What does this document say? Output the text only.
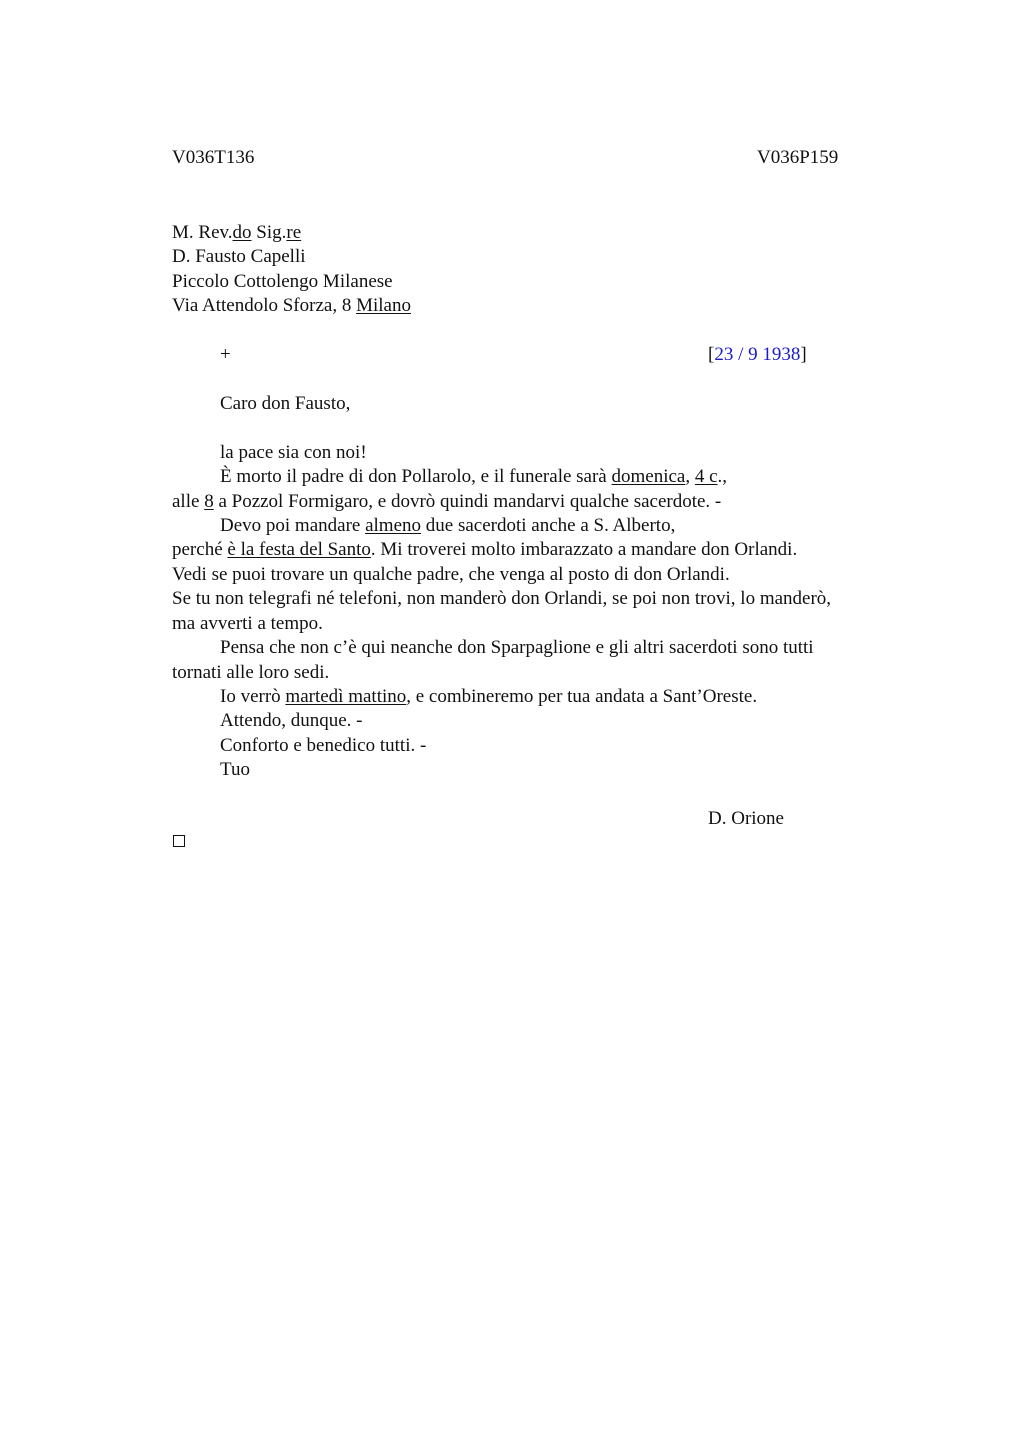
V036T136	V036P159
M. Rev.do Sig.re
D. Fausto Capelli
Piccolo Cottolengo Milanese
Via Attendolo Sforza, 8 Milano
+	[23 / 9 1938]
Caro don Fausto,
la pace sia con noi!
È morto il padre di don Pollarolo, e il funerale sarà domenica, 4 c.,
alle 8 a Pozzol Formigaro, e dovrò quindi mandarvi qualche sacerdote. -
Devo poi mandare almeno due sacerdoti anche a S. Alberto,
perché è la festa del Santo. Mi troverei molto imbarazzato a mandare don Orlandi.
Vedi se puoi trovare un qualche padre, che venga al posto di don Orlandi.
Se tu non telegrafi né telefoni, non manderò don Orlandi, se poi non trovi, lo manderò,
ma avverti a tempo.
Pensa che non c’è qui neanche don Sparpaglione e gli altri sacerdoti sono tutti
tornati alle loro sedi.
Io verrò martedì mattino, e combineremo per tua andata a Sant’Oreste.
Attendo, dunque. -
Conforto e benedico tutti. -
Tuo
D. Orione
